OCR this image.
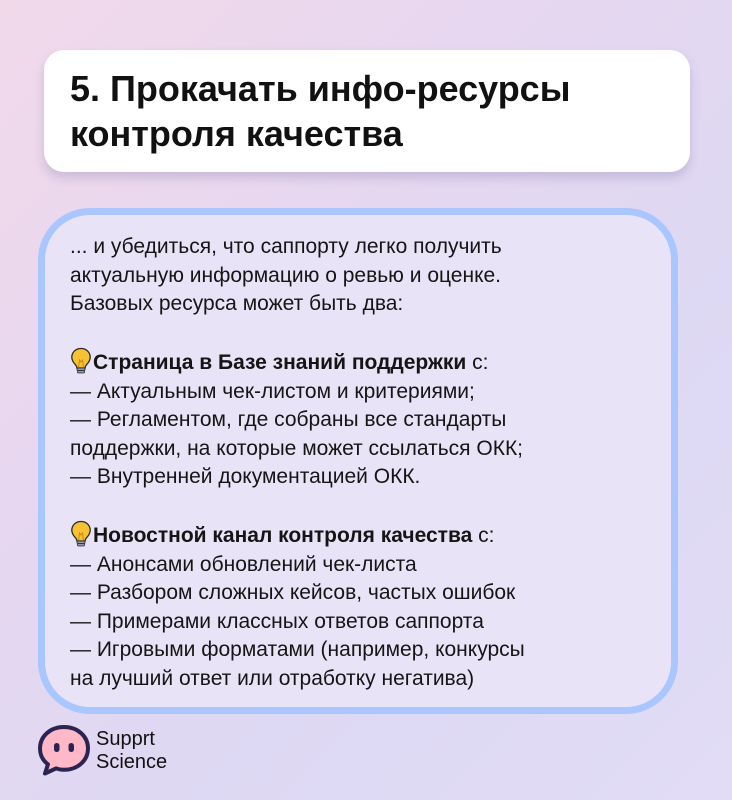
5. Прокачать инфо-ресурсы
контроля качества
... и убедиться, что саппорту легко получить
актуальную информацию о ревью и оценке.
Базовых ресурса может быть два:
Страница в Базе знаний поддержки с:
— Актуальным чек-листом и критериями;
— Регламентом, где собраны все стандарты
поддержки, на которые может ссылаться ОКК;
— Внутренней документацией ОКК.
Новостной канал контроля качества с:
— Анонсами обновлений чек-листа
— Разбором сложных кейсов, частых ошибок
— Примерами классных ответов саппорта
— Игровыми форматами (например, конкурсы
на лучший ответ или отработку негатива)
Supprt
Science
